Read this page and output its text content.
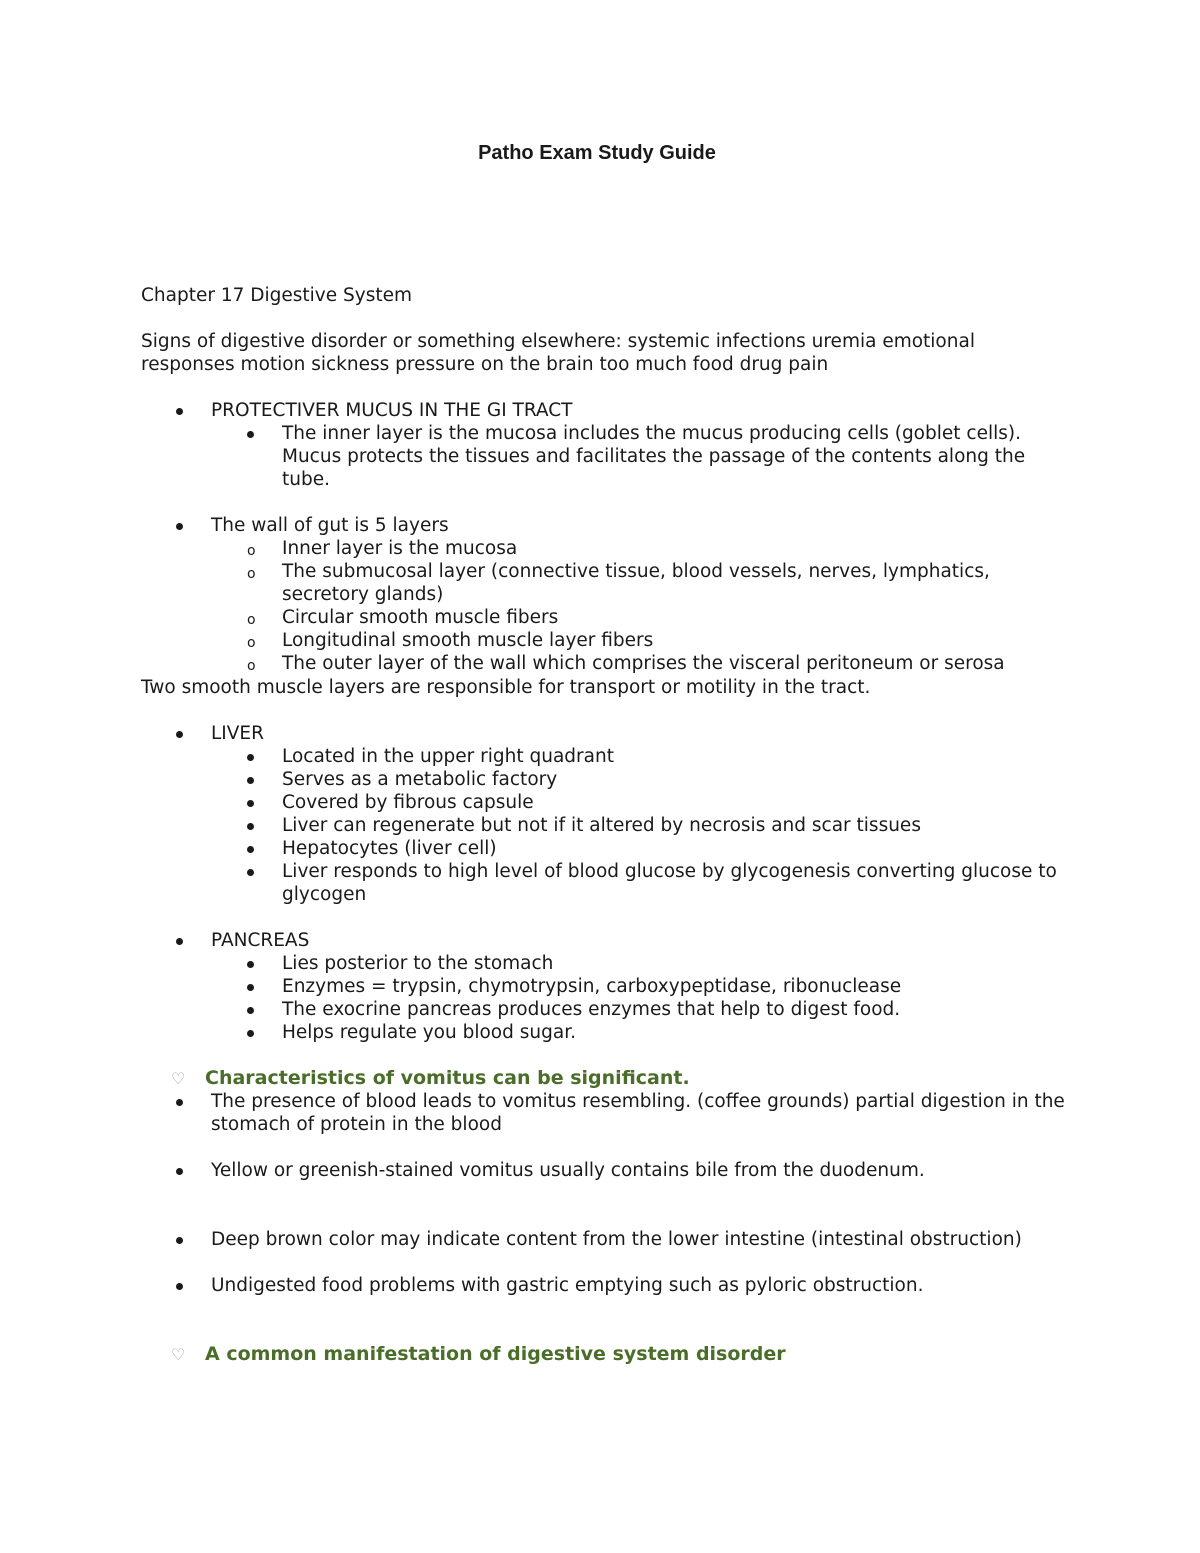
Patho Exam Study Guide

Chapter 17 Digestive System

Signs of digestive disorder or something elsewhere: systemic infections uremia emotional responses motion sickness pressure on the brain too much food drug pain

PROTECTIVER MUCUS IN THE GI TRACT
The inner layer is the mucosa includes the mucus producing cells (goblet cells). Mucus protects the tissues and facilitates the passage of the contents along the tube.
The wall of gut is 5 layers
o Inner layer is the mucosa
o The submucosal layer (connective tissue, blood vessels, nerves, lymphatics, secretory glands)
o Circular smooth muscle fibers
o Longitudinal smooth muscle layer fibers
o The outer layer of the wall which comprises the visceral peritoneum or serosa

Two smooth muscle layers are responsible for transport or motility in the tract.

LIVER
Located in the upper right quadrant
Serves as a metabolic factory
Covered by fibrous capsule
Liver can regenerate but not if it altered by necrosis and scar tissues
Hepatocytes (liver cell)
Liver responds to high level of blood glucose by glycogenesis converting glucose to glycogen
PANCREAS
Lies posterior to the stomach
Enzymes = trypsin, chymotrypsin, carboxypeptidase, ribonuclease
The exocrine pancreas produces enzymes that help to digest food.
Helps regulate you blood sugar.
♡ Characteristics of vomitus can be significant.
The presence of blood leads to vomitus resembling. (coffee grounds) partial digestion in the stomach of protein in the blood
Yellow or greenish-stained vomitus usually contains bile from the duodenum.
Deep brown color may indicate content from the lower intestine (intestinal obstruction)
Undigested food problems with gastric emptying such as pyloric obstruction.
♡ A common manifestation of digestive system disorder
